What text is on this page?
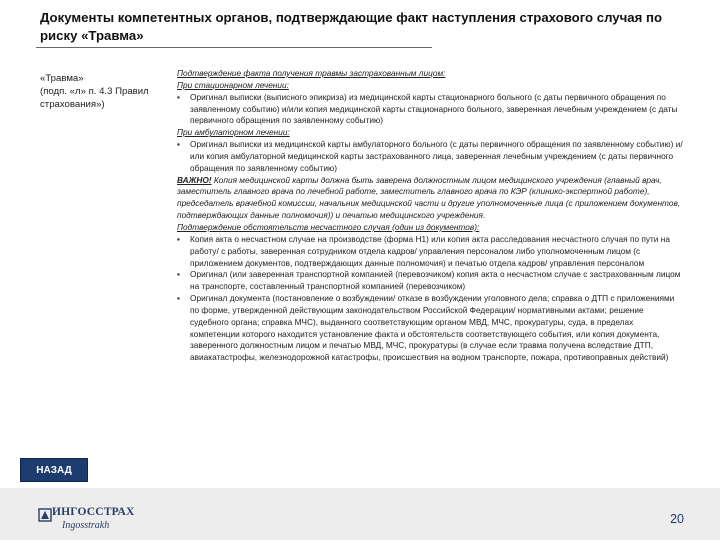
Документы компетентных органов, подтверждающие факт наступления страхового случая по риску «Травма»
«Травма»
(подп. «л» п. 4.3 Правил
страхования»)

Подтверждение факта получения травмы застрахованным лицом:

При стационарном лечении:

▪ Оригинал выписки (выписного эпикриза) из медицинской карты стационарного больного (с даты первичного обращения по заявленному событию) и/или копия медицинской карты стационарного больного, заверенная лечебным учреждением (с даты первичного обращения по заявленному событию)

При амбулаторном лечении:

▪ Оригинал выписки из медицинской карты амбулаторного больного (с даты первичного обращения по заявленному событию) и/или копия амбулаторной медицинской карты застрахованного лица, заверенная лечебным учреждением (с даты первичного обращения по заявленному событию)

ВАЖНО! Копия медицинской карты должна быть заверена должностным лицом медицинского учреждения (главный врач, заместитель главного врача по лечебной работе, заместитель главного врача по КЭР (клинико-экспертной работе), председатель врачебной комиссии, начальник медицинской части и другие уполномоченные лица (с приложением документов, подтверждающих данные полномочия)) и печатью медицинского учреждения.

Подтверждение обстоятельств несчастного случая (один из документов):

▪ Копия акта о несчастном случае на производстве (форма Н1) или копия акта расследования несчастного случая по пути на работу/ с работы, заверенная сотрудником отдела кадров/ управления персоналом либо уполномоченным лицом (с приложением документов, подтверждающих данные полномочия) и печатью отдела кадров/ управления персоналом

▪ Оригинал (или заверенная транспортной компанией (перевозчиком) копия акта о несчастном случае с застрахованным лицом на транспорте, составленный транспортной компанией (перевозчиком)

▪ Оригинал документа (постановление о возбуждении/ отказе в возбуждении уголовного дела; справка о ДТП с приложениями по форме, утвержденной действующим законодательством Российской Федерации/ нормативными актами; решение судебного органа; справка МЧС), выданного соответствующим органом МВД, МЧС, прокуратуры, суда, в пределах компетенции которого находится установление факта и обстоятельств соответствующего события, или копия документа, заверенного должностным лицом и печатью МВД, МЧС, прокуратуры (в случае если травма получена вследствие ДТП, авиакатастрофы, железнодорожной катастрофы, происшествия на водном транспорте, пожара, противоправных действий)

НАЗАД
ИНГОССТРАХ
Ingosstrakh	20
